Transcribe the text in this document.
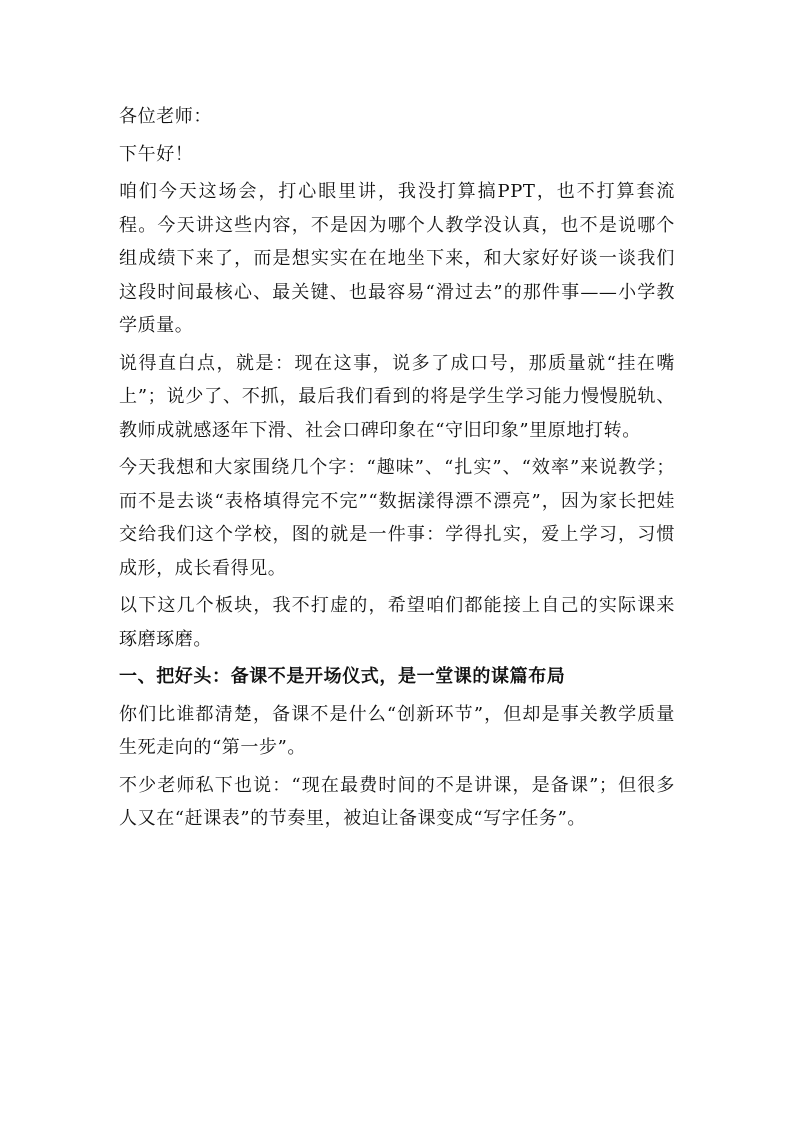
各位老师：

下午好！

咱们今天这场会，打心眼里讲，我没打算搞PPT，也不打算套流程。今天讲这些内容，不是因为哪个人教学没认真，也不是说哪个组成绩下来了，而是想实实在在地坐下来，和大家好好谈一谈我们这段时间最核心、最关键、也最容易“滑过去”的那件事——小学教学质量。

说得直白点，就是：现在这事，说多了成口号，那质量就“挂在嘴上”；说少了、不抓，最后我们看到的将是学生学习能力慢慢脱轨、教师成就感逐年下滑、社会口碑印象在“守旧印象”里原地打转。

今天我想和大家围绕几个字：“趣味”、“扎实”、“效率”来说教学；而不是去谈“表格填得完不完”“数据漾得漂不漂亮”，因为家长把娃交给我们这个学校，图的就是一件事：学得扎实，爱上学习，习惯成形，成长看得见。

以下这几个板块，我不打虚的，希望咱们都能接上自己的实际课来琢磨琢磨。

一、把好头：备课不是开场仪式，是一堂课的谋篇布局

你们比谁都清楚，备课不是什么“创新环节”，但却是事关教学质量生死走向的“第一步”。

不少老师私下也说：“现在最费时间的不是讲课，是备课”；但很多人又在“赶课表”的节奏里，被迫让备课变成“写字任务”。
